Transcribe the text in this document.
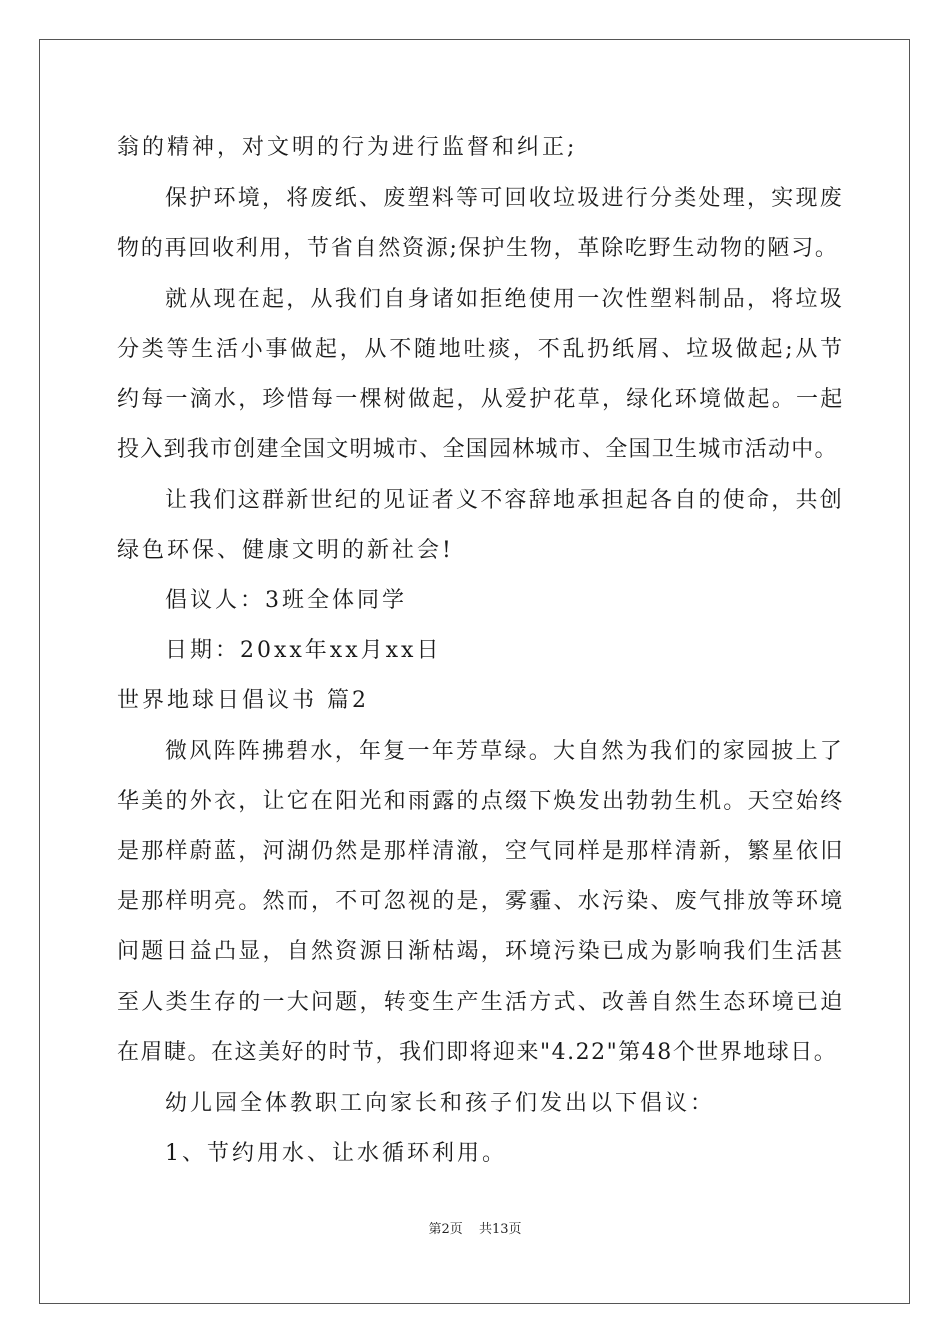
翁的精神，对文明的行为进行监督和纠正;
保护环境，将废纸、废塑料等可回收垃圾进行分类处理，实现废
物的再回收利用，节省自然资源;保护生物，革除吃野生动物的陋习。
就从现在起，从我们自身诸如拒绝使用一次性塑料制品，将垃圾
分类等生活小事做起，从不随地吐痰，不乱扔纸屑、垃圾做起;从节
约每一滴水，珍惜每一棵树做起，从爱护花草，绿化环境做起。一起
投入到我市创建全国文明城市、全国园林城市、全国卫生城市活动中。
让我们这群新世纪的见证者义不容辞地承担起各自的使命，共创
绿色环保、健康文明的新社会!
倡议人：3班全体同学
日期：20xx年xx月xx日
世界地球日倡议书 篇2
微风阵阵拂碧水，年复一年芳草绿。大自然为我们的家园披上了
华美的外衣，让它在阳光和雨露的点缀下焕发出勃勃生机。天空始终
是那样蔚蓝，河湖仍然是那样清澈，空气同样是那样清新，繁星依旧
是那样明亮。然而，不可忽视的是，雾霾、水污染、废气排放等环境
问题日益凸显，自然资源日渐枯竭，环境污染已成为影响我们生活甚
至人类生存的一大问题，转变生产生活方式、改善自然生态环境已迫
在眉睫。在这美好的时节，我们即将迎来"4.22"第48个世界地球日。
幼儿园全体教职工向家长和孩子们发出以下倡议：
1、节约用水、让水循环利用。
第2页 共13页
